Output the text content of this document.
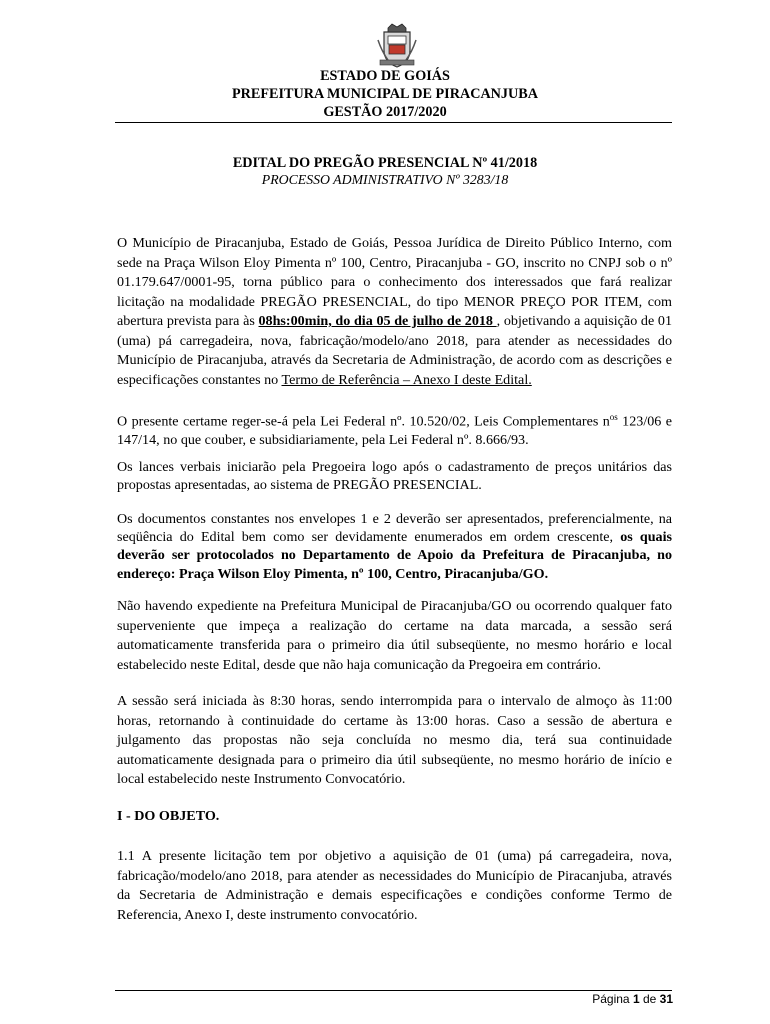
ESTADO DE GOIÁS
PREFEITURA MUNICIPAL DE PIRACANJUBA
GESTÃO 2017/2020
EDITAL DO PREGÃO PRESENCIAL Nº 41/2018
PROCESSO ADMINISTRATIVO Nº 3283/18

O Município de Piracanjuba, Estado de Goiás, Pessoa Jurídica de Direito Público Interno, com sede na Praça Wilson Eloy Pimenta nº 100, Centro, Piracanjuba - GO, inscrito no CNPJ sob o nº 01.179.647/0001-95, torna público para o conhecimento dos interessados que fará realizar licitação na modalidade PREGÃO PRESENCIAL, do tipo MENOR PREÇO POR ITEM, com abertura prevista para às 08hs:00min, do dia 05 de julho de 2018 , objetivando a aquisição de 01 (uma) pá carregadeira, nova, fabricação/modelo/ano 2018, para atender as necessidades do Município de Piracanjuba, através da Secretaria de Administração, de acordo com as descrições e especificações constantes no Termo de Referência – Anexo I deste Edital.

O presente certame reger-se-á pela Lei Federal nº. 10.520/02, Leis Complementares $n^{os}$ 123/06 e 147/14, no que couber, e subsidiariamente, pela Lei Federal nº. 8.666/93.

Os lances verbais iniciarão pela Pregoeira logo após o cadastramento de preços unitários das propostas apresentadas, ao sistema de PREGÃO PRESENCIAL.

Os documentos constantes nos envelopes 1 e 2 deverão ser apresentados, preferencialmente, na seqüência do Edital bem como ser devidamente enumerados em ordem crescente, os quais deverão ser protocolados no Departamento de Apoio da Prefeitura de Piracanjuba, no endereço: Praça Wilson Eloy Pimenta, nº 100, Centro, Piracanjuba/GO.

Não havendo expediente na Prefeitura Municipal de Piracanjuba/GO ou ocorrendo qualquer fato superveniente que impeça a realização do certame na data marcada, a sessão será automaticamente transferida para o primeiro dia útil subseqüente, no mesmo horário e local estabelecido neste Edital, desde que não haja comunicação da Pregoeira em contrário.

A sessão será iniciada às 8:30 horas, sendo interrompida para o intervalo de almoço às 11:00 horas, retornando à continuidade do certame às 13:00 horas. Caso a sessão de abertura e julgamento das propostas não seja concluída no mesmo dia, terá sua continuidade automaticamente designada para o primeiro dia útil subseqüente, no mesmo horário de início e local estabelecido neste Instrumento Convocatório.

I - DO OBJETO.

1.1 A presente licitação tem por objetivo a aquisição de 01 (uma) pá carregadeira, nova, fabricação/modelo/ano 2018, para atender as necessidades do Município de Piracanjuba, através da Secretaria de Administração e demais especificações e condições conforme Termo de Referencia, Anexo I, deste instrumento convocatório.

Página 1 de 31
